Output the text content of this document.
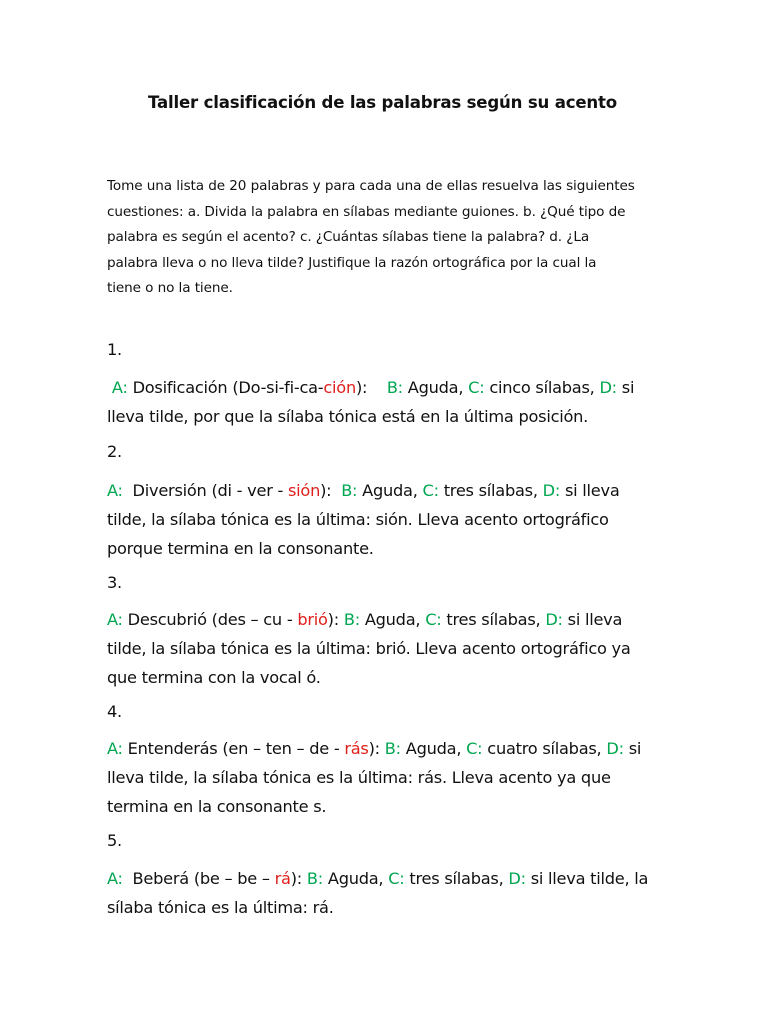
Taller clasificación de las palabras según su acento
Tome una lista de 20 palabras y para cada una de ellas resuelva las siguientes
cuestiones: a. Divida la palabra en sílabas mediante guiones. b. ¿Qué tipo de
palabra es según el acento? c. ¿Cuántas sílabas tiene la palabra? d. ¿La
palabra lleva o no lleva tilde? Justifique la razón ortográfica por la cual la
tiene o no la tiene.
1.
A: Dosificación (Do-si-fi-ca-ción): B: Aguda, C: cinco sílabas, D: si
lleva tilde, por que la sílaba tónica está en la última posición.
2.
A: Diversión (di - ver - sión): B: Aguda, C: tres sílabas, D: si lleva
tilde, la sílaba tónica es la última: sión. Lleva acento ortográfico
porque termina en la consonante.
3.
A: Descubrió (des – cu - brió): B: Aguda, C: tres sílabas, D: si lleva
tilde, la sílaba tónica es la última: brió. Lleva acento ortográfico ya
que termina con la vocal ó.
4.
A: Entenderás (en – ten – de - rás): B: Aguda, C: cuatro sílabas, D: si
lleva tilde, la sílaba tónica es la última: rás. Lleva acento ya que
termina en la consonante s.
5.
A: Beberá (be – be – rá): B: Aguda, C: tres sílabas, D: si lleva tilde, la
sílaba tónica es la última: rá.
